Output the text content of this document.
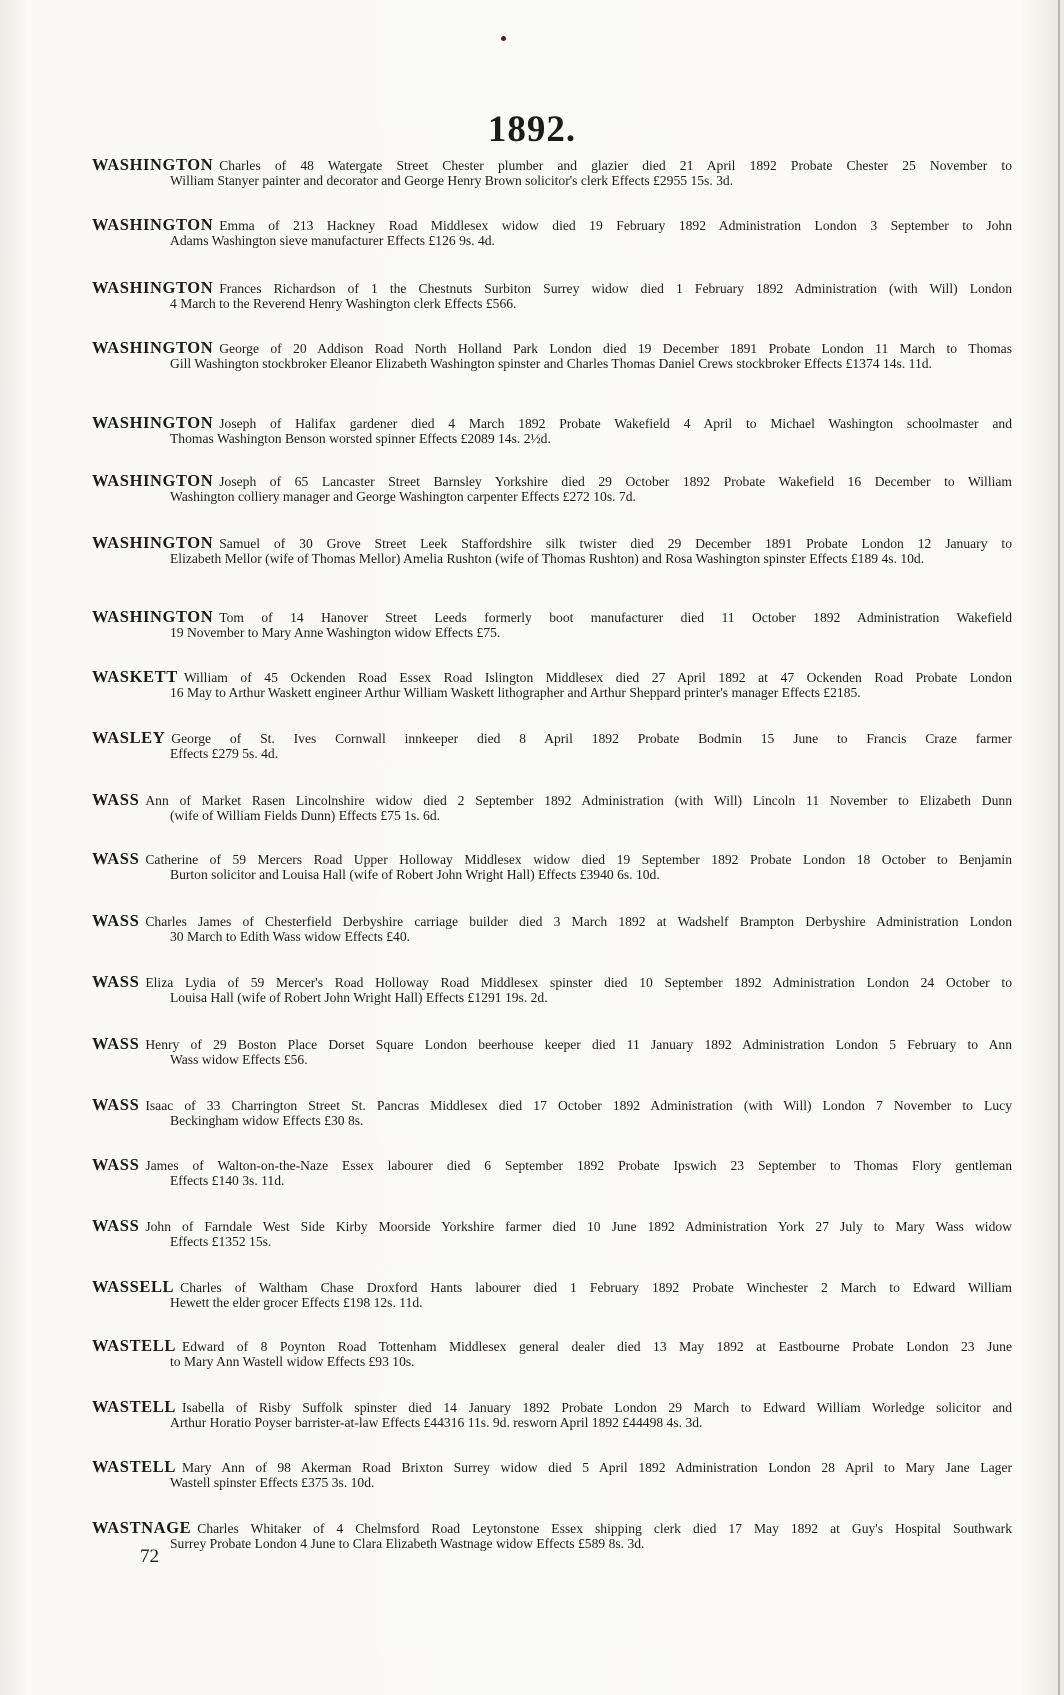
1892.
WASHINGTON Charles of 48 Watergate Street Chester plumber and glazier died 21 April 1892 Probate Chester 25 November to
William Stanyer painter and decorator and George Henry Brown solicitor's clerk Effects £2955 15s. 3d.
WASHINGTON Emma of 213 Hackney Road Middlesex widow died 19 February 1892 Administration London 3 September to John
Adams Washington sieve manufacturer Effects £126 9s. 4d.
WASHINGTON Frances Richardson of 1 the Chestnuts Surbiton Surrey widow died 1 February 1892 Administration (with Will) London
4 March to the Reverend Henry Washington clerk Effects £566.
WASHINGTON George of 20 Addison Road North Holland Park London died 19 December 1891 Probate London 11 March to Thomas
Gill Washington stockbroker Eleanor Elizabeth Washington spinster and Charles Thomas Daniel Crews stockbroker Effects £1374 14s. 11d.
WASHINGTON Joseph of Halifax gardener died 4 March 1892 Probate Wakefield 4 April to Michael Washington schoolmaster and
Thomas Washington Benson worsted spinner Effects £2089 14s. 2½d.
WASHINGTON Joseph of 65 Lancaster Street Barnsley Yorkshire died 29 October 1892 Probate Wakefield 16 December to William
Washington colliery manager and George Washington carpenter Effects £272 10s. 7d.
WASHINGTON Samuel of 30 Grove Street Leek Staffordshire silk twister died 29 December 1891 Probate London 12 January to
Elizabeth Mellor (wife of Thomas Mellor) Amelia Rushton (wife of Thomas Rushton) and Rosa Washington spinster Effects £189 4s. 10d.
WASHINGTON Tom of 14 Hanover Street Leeds formerly boot manufacturer died 11 October 1892 Administration Wakefield
19 November to Mary Anne Washington widow Effects £75.
WASKETT William of 45 Ockenden Road Essex Road Islington Middlesex died 27 April 1892 at 47 Ockenden Road Probate London
16 May to Arthur Waskett engineer Arthur William Waskett lithographer and Arthur Sheppard printer's manager Effects £2185.
WASLEY George of St. Ives Cornwall innkeeper died 8 April 1892 Probate Bodmin 15 June to Francis Craze farmer
Effects £279 5s. 4d.
WASS Ann of Market Rasen Lincolnshire widow died 2 September 1892 Administration (with Will) Lincoln 11 November to Elizabeth Dunn
(wife of William Fields Dunn) Effects £75 1s. 6d.
WASS Catherine of 59 Mercers Road Upper Holloway Middlesex widow died 19 September 1892 Probate London 18 October to Benjamin
Burton solicitor and Louisa Hall (wife of Robert John Wright Hall) Effects £3940 6s. 10d.
WASS Charles James of Chesterfield Derbyshire carriage builder died 3 March 1892 at Wadshelf Brampton Derbyshire Administration London
30 March to Edith Wass widow Effects £40.
WASS Eliza Lydia of 59 Mercer's Road Holloway Road Middlesex spinster died 10 September 1892 Administration London 24 October to
Louisa Hall (wife of Robert John Wright Hall) Effects £1291 19s. 2d.
WASS Henry of 29 Boston Place Dorset Square London beerhouse keeper died 11 January 1892 Administration London 5 February to Ann
Wass widow Effects £56.
WASS Isaac of 33 Charrington Street St. Pancras Middlesex died 17 October 1892 Administration (with Will) London 7 November to Lucy
Beckingham widow Effects £30 8s.
WASS James of Walton-on-the-Naze Essex labourer died 6 September 1892 Probate Ipswich 23 September to Thomas Flory gentleman
Effects £140 3s. 11d.
WASS John of Farndale West Side Kirby Moorside Yorkshire farmer died 10 June 1892 Administration York 27 July to Mary Wass widow
Effects £1352 15s.
WASSELL Charles of Waltham Chase Droxford Hants labourer died 1 February 1892 Probate Winchester 2 March to Edward William
Hewett the elder grocer Effects £198 12s. 11d.
WASTELL Edward of 8 Poynton Road Tottenham Middlesex general dealer died 13 May 1892 at Eastbourne Probate London 23 June
to Mary Ann Wastell widow Effects £93 10s.
WASTELL Isabella of Risby Suffolk spinster died 14 January 1892 Probate London 29 March to Edward William Worledge solicitor and
Arthur Horatio Poyser barrister-at-law Effects £44316 11s. 9d. resworn April 1892 £44498 4s. 3d.
WASTELL Mary Ann of 98 Akerman Road Brixton Surrey widow died 5 April 1892 Administration London 28 April to Mary Jane Lager
Wastell spinster Effects £375 3s. 10d.
WASTNAGE Charles Whitaker of 4 Chelmsford Road Leytonstone Essex shipping clerk died 17 May 1892 at Guy's Hospital Southwark
Surrey Probate London 4 June to Clara Elizabeth Wastnage widow Effects £589 8s. 3d.
72
